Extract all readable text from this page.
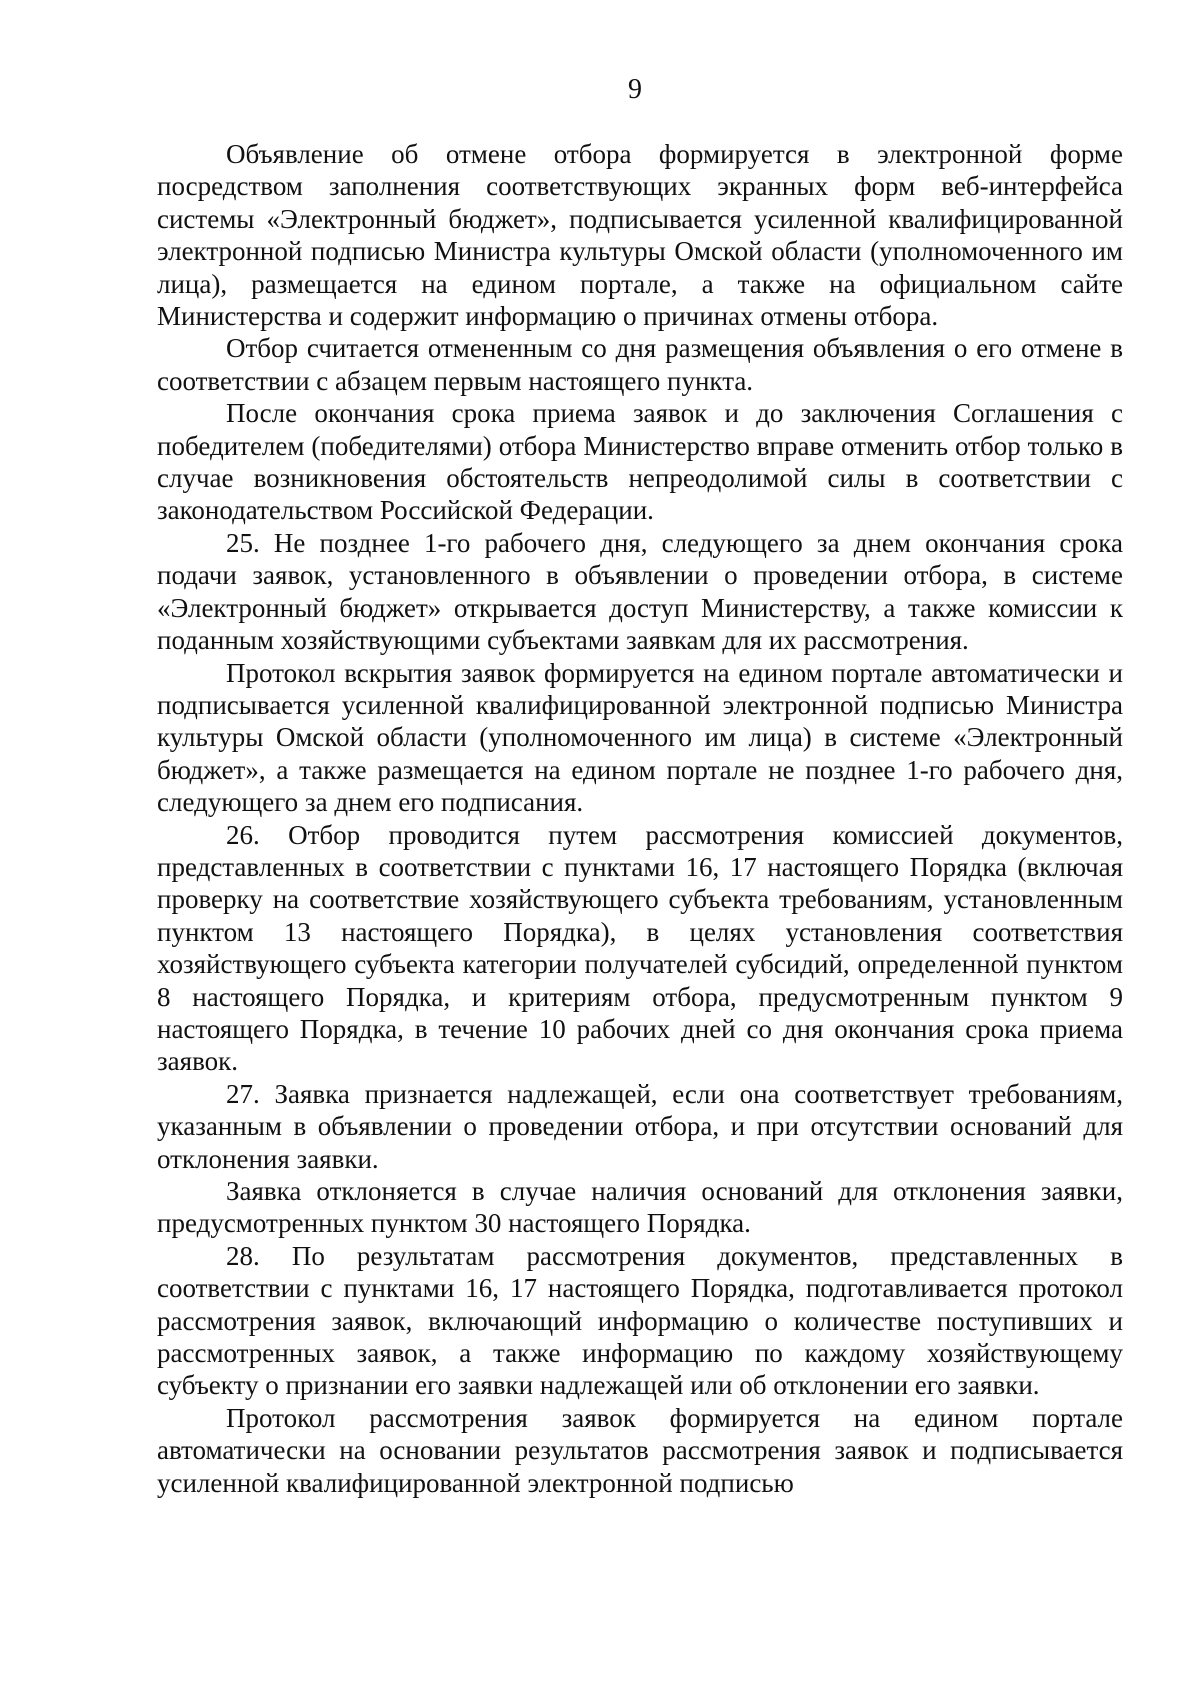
9

Объявление об отмене отбора формируется в электронной форме посредством заполнения соответствующих экранных форм веб-интерфейса системы «Электронный бюджет», подписывается усиленной квалифицированной электронной подписью Министра культуры Омской области (уполномоченного им лица), размещается на едином портале, а также на официальном сайте Министерства и содержит информацию о причинах отмены отбора.

Отбор считается отмененным со дня размещения объявления о его отмене в соответствии с абзацем первым настоящего пункта.

После окончания срока приема заявок и до заключения Соглашения с победителем (победителями) отбора Министерство вправе отменить отбор только в случае возникновения обстоятельств непреодолимой силы в соответствии с законодательством Российской Федерации.

25. Не позднее 1-го рабочего дня, следующего за днем окончания срока подачи заявок, установленного в объявлении о проведении отбора, в системе «Электронный бюджет» открывается доступ Министерству, а также комиссии к поданным хозяйствующими субъектами заявкам для их рассмотрения.

Протокол вскрытия заявок формируется на едином портале автоматически и подписывается усиленной квалифицированной электронной подписью Министра культуры Омской области (уполномоченного им лица) в системе «Электронный бюджет», а также размещается на едином портале не позднее 1-го рабочего дня, следующего за днем его подписания.

26. Отбор проводится путем рассмотрения комиссией документов, представленных в соответствии с пунктами 16, 17 настоящего Порядка (включая проверку на соответствие хозяйствующего субъекта требованиям, установленным пунктом 13 настоящего Порядка), в целях установления соответствия хозяйствующего субъекта категории получателей субсидий, определенной пунктом 8 настоящего Порядка, и критериям отбора, предусмотренным пунктом 9 настоящего Порядка, в течение 10 рабочих дней со дня окончания срока приема заявок.

27. Заявка признается надлежащей, если она соответствует требованиям, указанным в объявлении о проведении отбора, и при отсутствии оснований для отклонения заявки.

Заявка отклоняется в случае наличия оснований для отклонения заявки, предусмотренных пунктом 30 настоящего Порядка.

28. По результатам рассмотрения документов, представленных в соответствии с пунктами 16, 17 настоящего Порядка, подготавливается протокол рассмотрения заявок, включающий информацию о количестве поступивших и рассмотренных заявок, а также информацию по каждому хозяйствующему субъекту о признании его заявки надлежащей или об отклонении его заявки.

Протокол рассмотрения заявок формируется на едином портале автоматически на основании результатов рассмотрения заявок и подписывается усиленной квалифицированной электронной подписью
